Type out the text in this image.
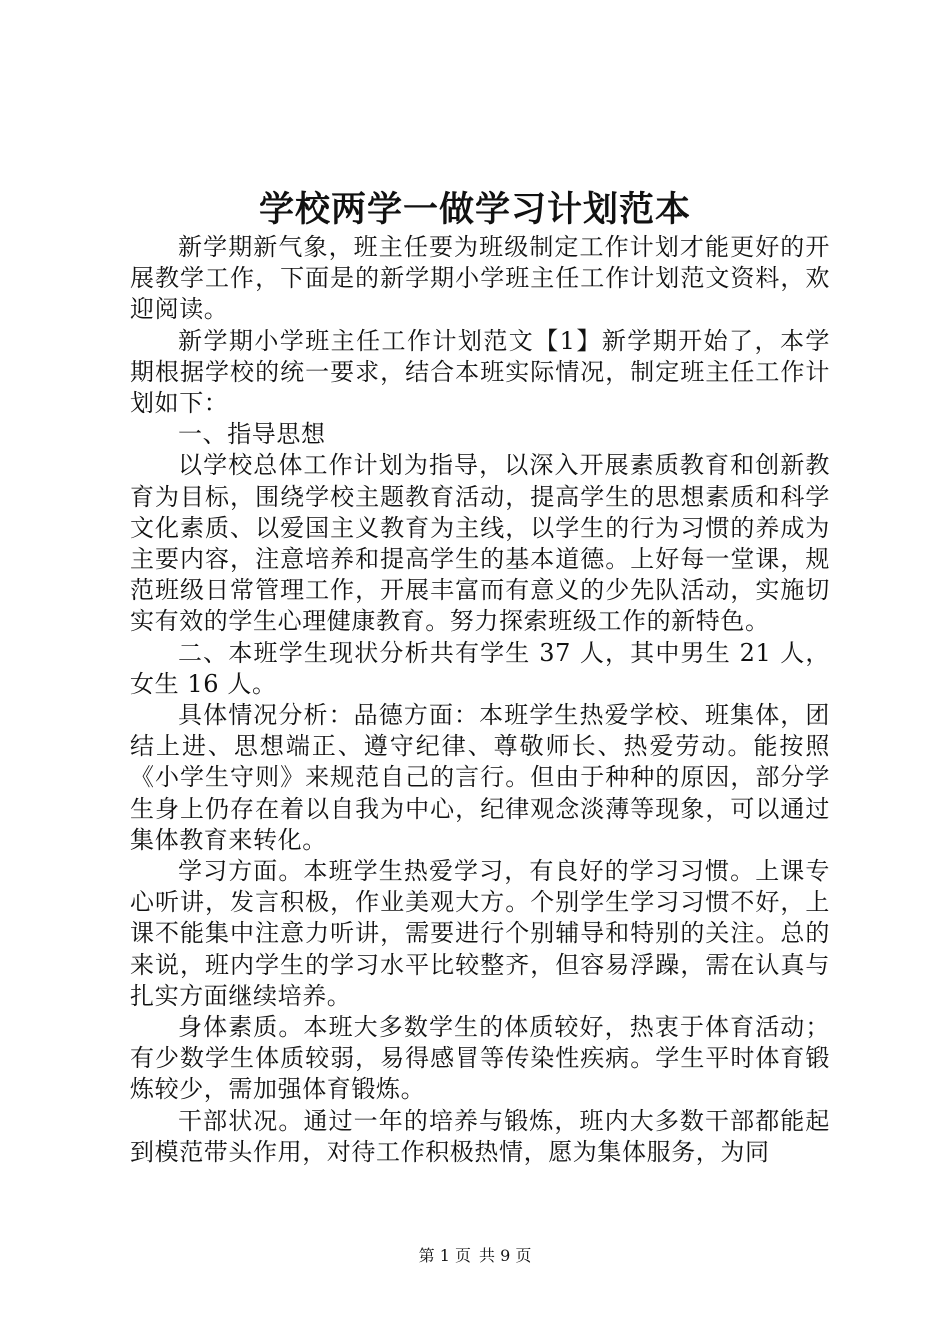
学校两学一做学习计划范本

新学期新气象，班主任要为班级制定工作计划才能更好的开展教学工作，下面是的新学期小学班主任工作计划范文资料，欢迎阅读。

新学期小学班主任工作计划范文【1】新学期开始了，本学期根据学校的统一要求，结合本班实际情况，制定班主任工作计划如下：

一、指导思想

以学校总体工作计划为指导，以深入开展素质教育和创新教育为目标，围绕学校主题教育活动，提高学生的思想素质和科学文化素质、以爱国主义教育为主线，以学生的行为习惯的养成为主要内容，注意培养和提高学生的基本道德。上好每一堂课，规范班级日常管理工作，开展丰富而有意义的少先队活动，实施切实有效的学生心理健康教育。努力探索班级工作的新特色。

二、本班学生现状分析共有学生 37 人，其中男生 21 人，女生 16 人。

具体情况分析：品德方面：本班学生热爱学校、班集体，团结上进、思想端正、遵守纪律、尊敬师长、热爱劳动。能按照《小学生守则》来规范自己的言行。但由于种种的原因，部分学生身上仍存在着以自我为中心，纪律观念淡薄等现象，可以通过集体教育来转化。

学习方面。本班学生热爱学习，有良好的学习习惯。上课专心听讲，发言积极，作业美观大方。个别学生学习习惯不好，上课不能集中注意力听讲，需要进行个别辅导和特别的关注。总的来说，班内学生的学习水平比较整齐，但容易浮躁，需在认真与扎实方面继续培养。

身体素质。本班大多数学生的体质较好，热衷于体育活动；有少数学生体质较弱，易得感冒等传染性疾病。学生平时体育锻炼较少，需加强体育锻炼。

干部状况。通过一年的培养与锻炼，班内大多数干部都能起到模范带头作用，对待工作积极热情，愿为集体服务，为同

第 1 页 共 9 页
